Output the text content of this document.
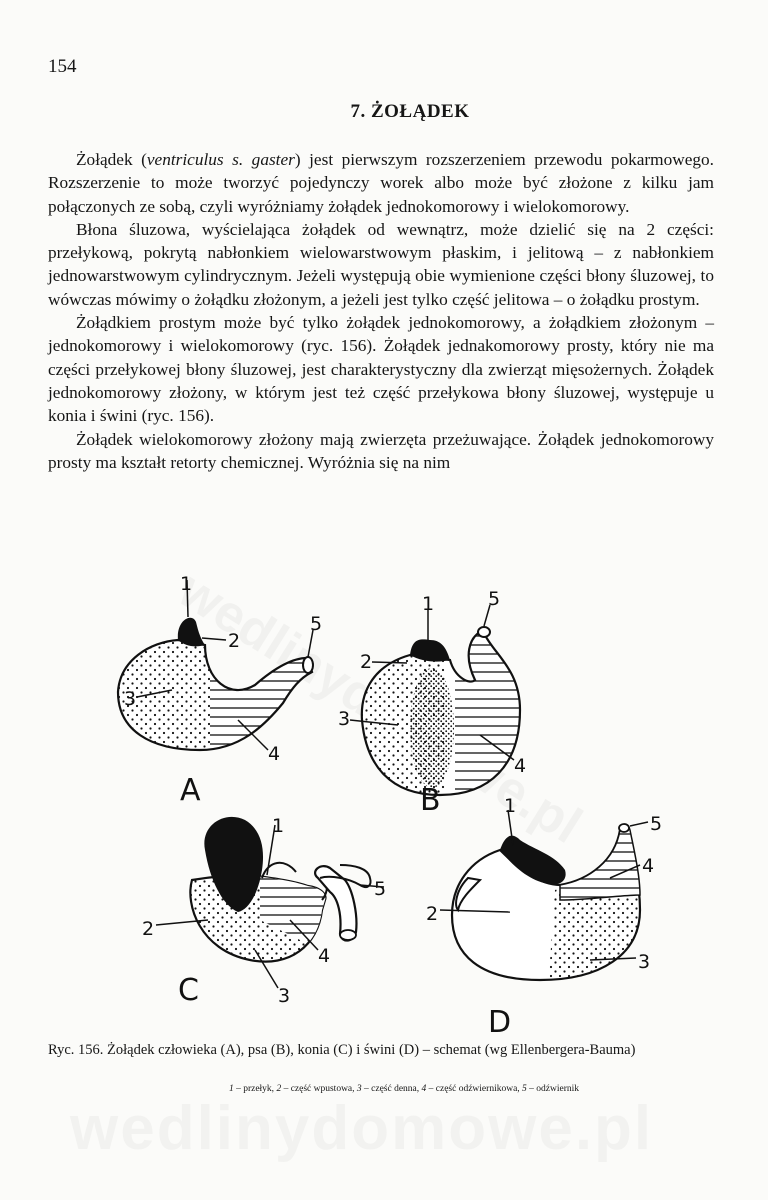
154
7. ŻOŁĄDEK

Żołądek (ventriculus s. gaster) jest pierwszym rozszerzeniem przewodu pokarmowego. Rozszerzenie to może tworzyć pojedynczy worek albo może być złożone z kilku jam połączonych ze sobą, czyli wyróżniamy żołądek jednokomorowy i wielokomorowy.

Błona śluzowa, wyścielająca żołądek od wewnątrz, może dzielić się na 2 części: przełykową, pokrytą nabłonkiem wielowarstwowym płaskim, i jelitową – z nabłonkiem jednowarstwowym cylindrycznym. Jeżeli występują obie wymienione części błony śluzowej, to wówczas mówimy o żołądku złożonym, a jeżeli jest tylko część jelitowa – o żołądku prostym.

Żołądkiem prostym może być tylko żołądek jednokomorowy, a żołądkiem złożonym – jednokomorowy i wielokomorowy (ryc. 156). Żołądek jednakomorowy prosty, który nie ma części przełykowej błony śluzowej, jest charakterystyczny dla zwierząt mięsożernych. Żołądek jednokomorowy złożony, w którym jest też część przełykowa błony śluzowej, występuje u konia i świni (ryc. 156).

Żołądek wielokomorowy złożony mają zwierzęta przeżuwające. Żołądek jednokomorowy prosty ma kształt retorty chemicznej. Wyróżnia się na nim

1
2
5
3
4
A
1
2
5
3
4
B
1
5
2
4
3
C
1
5
4
2
3
D
Ryc. 156. Żołądek człowieka (A), psa (B), konia (C) i świni (D) – schemat (wg Ellenbergera-Bauma)
1 – przełyk, 2 – część wpustowa, 3 – część denna, 4 – część odźwiernikowa, 5 – odźwiernik
